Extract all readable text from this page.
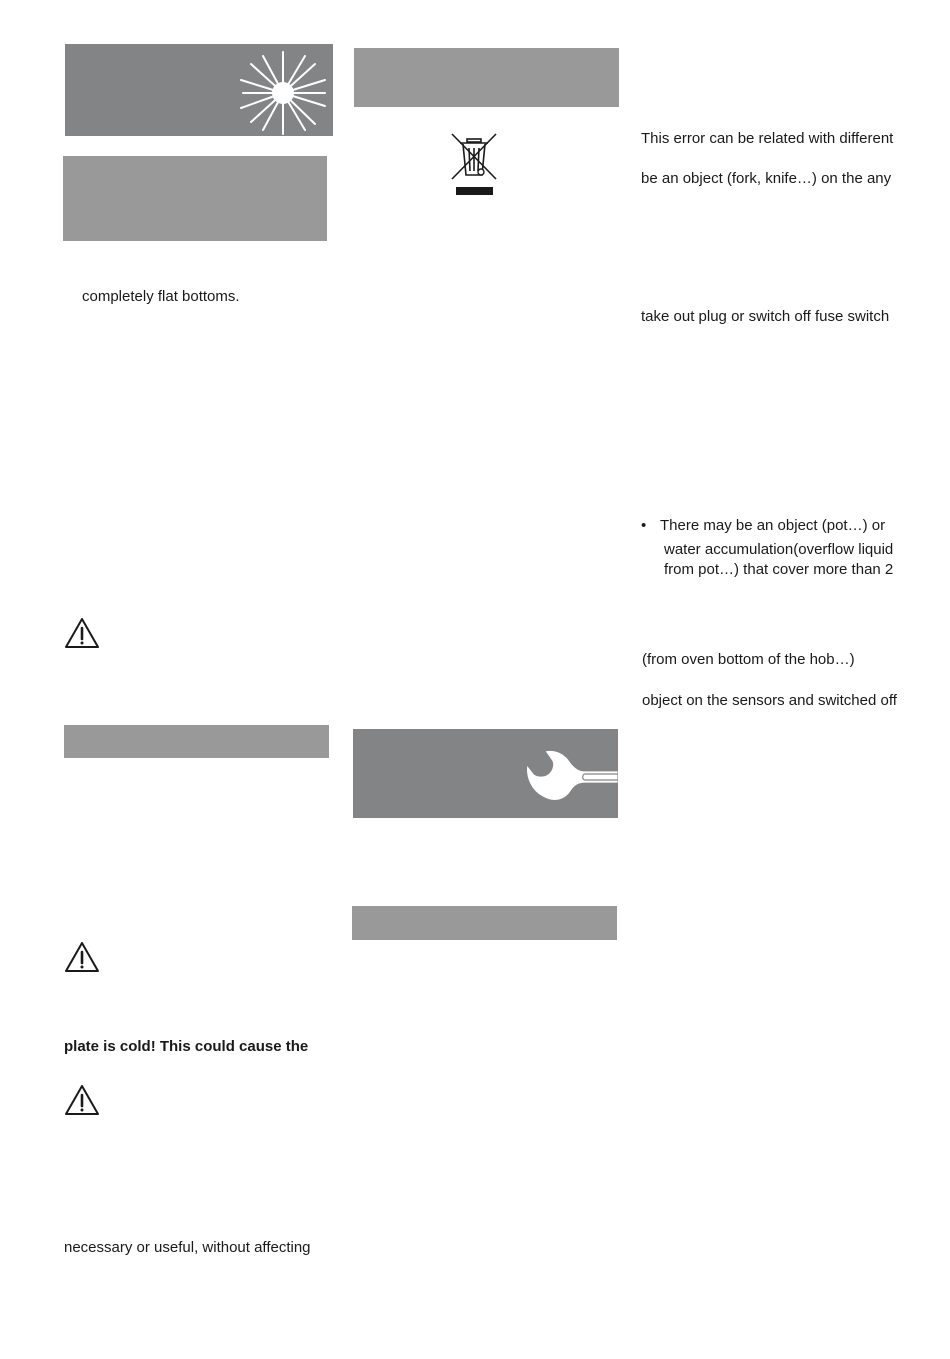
completely flat bottoms.
plate is cold! This could cause the
necessary or useful, without affecting
This error can be related with different
be an object (fork, knife…) on the any
take out plug or switch off fuse switch
• There may be an object (pot…) or
water accumulation(overflow liquid
from pot…) that cover more than 2
(from oven bottom of the hob…)
object on the sensors and switched off
